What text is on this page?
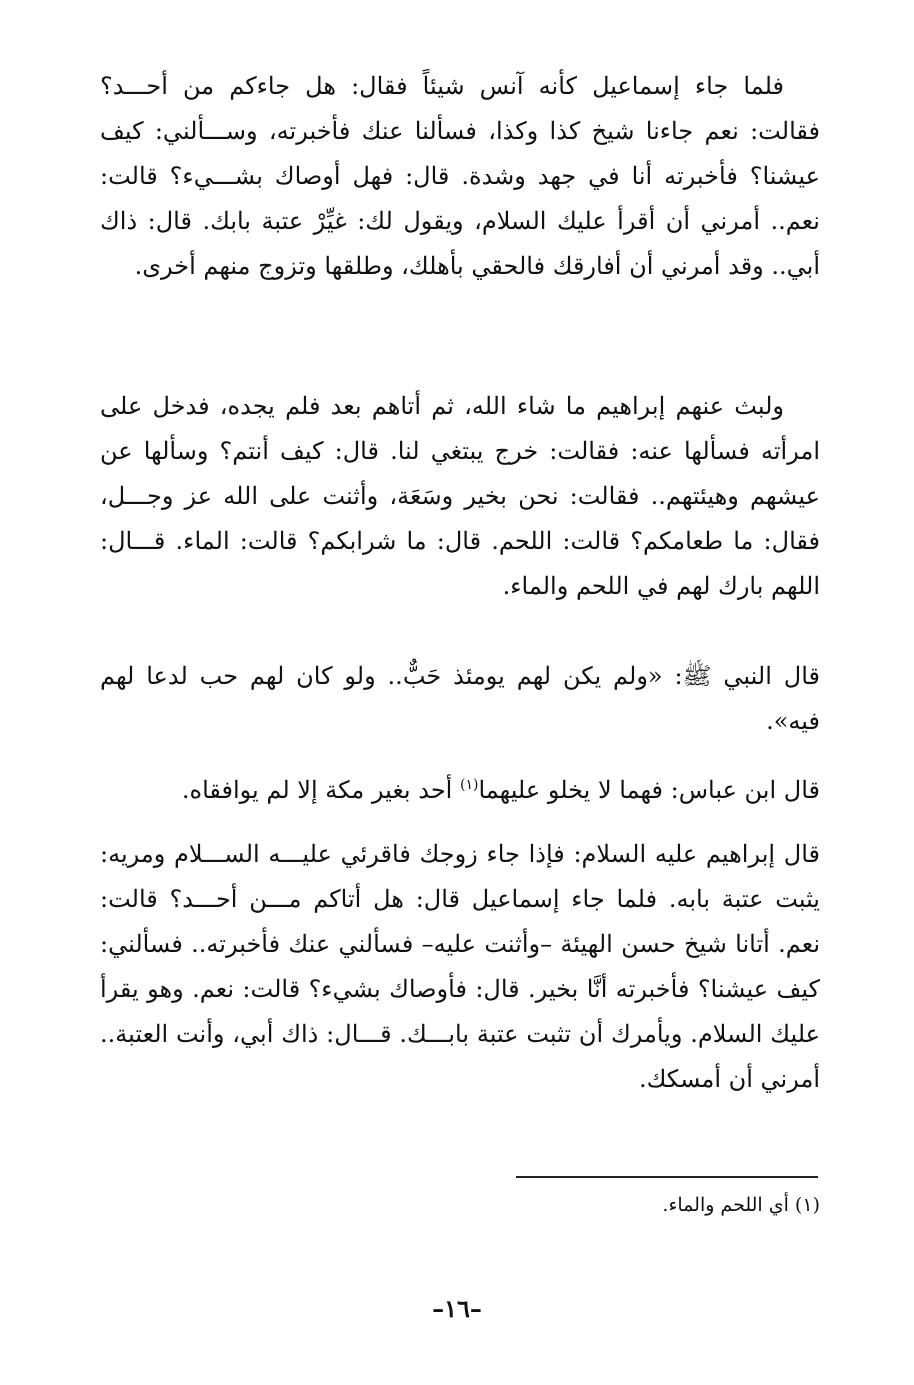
فلما جاء إسماعيل كأنه آنس شيئاً فقال: هل جاءكم من أحـــد؟ فقالت: نعم جاءنا شيخ كذا وكذا، فسألنا عنك فأخبرته، وســـألني: كيف عيشنا؟ فأخبرته أنا في جهد وشدة. قال: فهل أوصاك بشـــيء؟ قالت: نعم.. أمرني أن أقرأ عليك السلام، ويقول لك: غيِّرْ عتبة بابك. قال: ذاك أبي.. وقد أمرني أن أفارقك فالحقي بأهلك، وطلقها وتزوج منهم أخرى.

ولبث عنهم إبراهيم ما شاء الله، ثم أتاهم بعد فلم يجده، فدخل على امرأته فسألها عنه: فقالت: خرج يبتغي لنا. قال: كيف أنتم؟ وسألها عن عيشهم وهيئتهم.. فقالت: نحن بخير وسَعَة، وأثنت على الله عز وجـــل، فقال: ما طعامكم؟ قالت: اللحم. قال: ما شرابكم؟ قالت: الماء. قـــال: اللهم بارك لهم في اللحم والماء.

قال النبي ﷺ: «ولم يكن لهم يومئذ حَبٌّ.. ولو كان لهم حب لدعا لهم فيه».

قال ابن عباس: فهما لا يخلو عليهما$^{(١)}$ أحد بغير مكة إلا لم يوافقاه.

قال إبراهيم عليه السلام: فإذا جاء زوجك فاقرئي عليـــه الســـلام ومريه: يثبت عتبة بابه. فلما جاء إسماعيل قال: هل أتاكم مـــن أحـــد؟ قالت: نعم. أتانا شيخ حسن الهيئة –وأثنت عليه– فسألني عنك فأخبرته.. فسألني: كيف عيشنا؟ فأخبرته أنَّا بخير. قال: فأوصاك بشيء؟ قالت: نعم. وهو يقرأ عليك السلام. ويأمرك أن تثبت عتبة بابـــك. قـــال: ذاك أبي، وأنت العتبة.. أمرني أن أمسكك.

(١) أي اللحم والماء.
–١٦–
